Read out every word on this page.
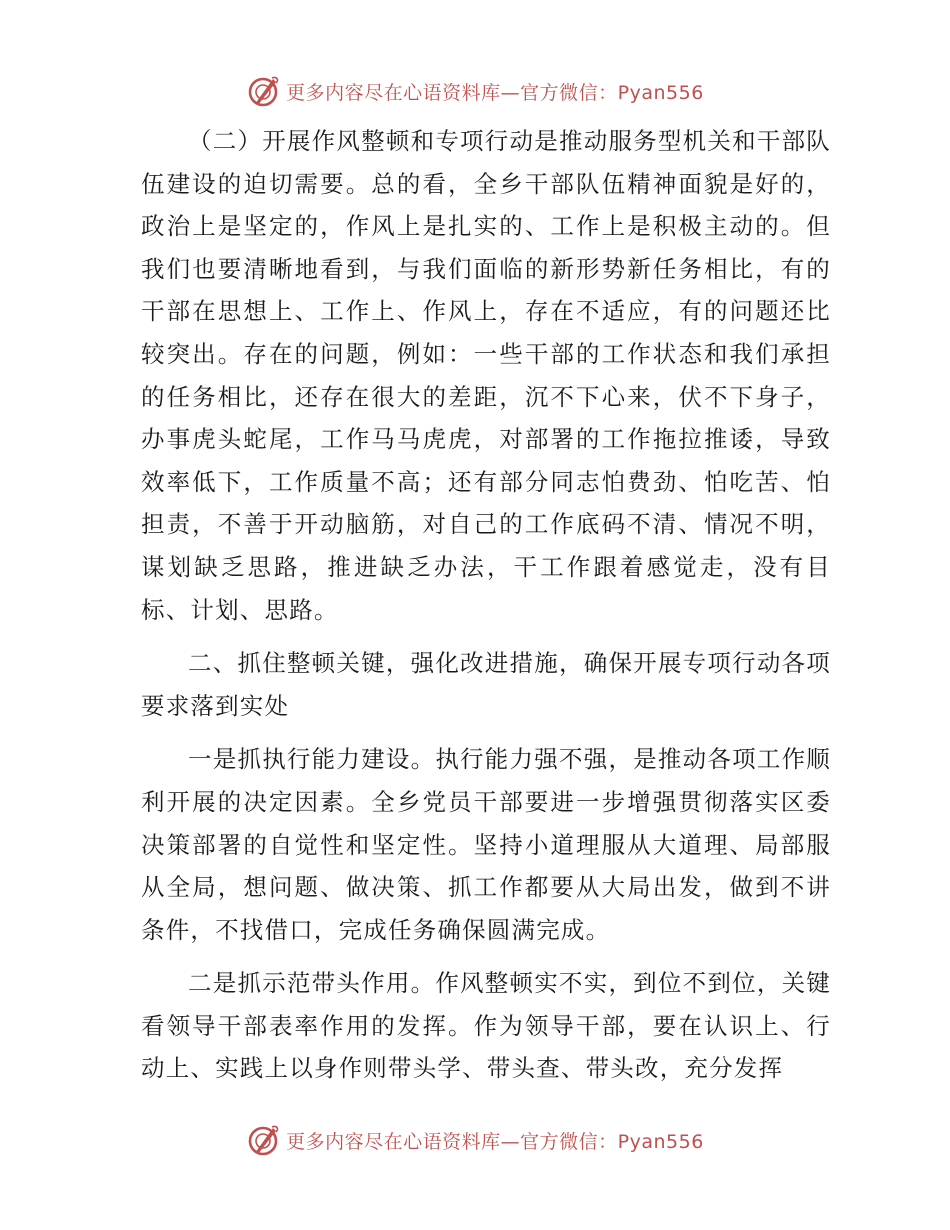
更多内容尽在心语资料库—官方微信：Pyan556

（二）开展作风整顿和专项行动是推动服务型机关和干部队伍建设的迫切需要。总的看，全乡干部队伍精神面貌是好的，政治上是坚定的，作风上是扎实的、工作上是积极主动的。但我们也要清晰地看到，与我们面临的新形势新任务相比，有的干部在思想上、工作上、作风上，存在不适应，有的问题还比较突出。存在的问题，例如：一些干部的工作状态和我们承担的任务相比，还存在很大的差距，沉不下心来，伏不下身子，办事虎头蛇尾，工作马马虎虎，对部署的工作拖拉推诿，导致效率低下，工作质量不高；还有部分同志怕费劲、怕吃苦、怕担责，不善于开动脑筋，对自己的工作底码不清、情况不明，谋划缺乏思路，推进缺乏办法，干工作跟着感觉走，没有目标、计划、思路。

二、抓住整顿关键，强化改进措施，确保开展专项行动各项要求落到实处

一是抓执行能力建设。执行能力强不强，是推动各项工作顺利开展的决定因素。全乡党员干部要进一步增强贯彻落实区委决策部署的自觉性和坚定性。坚持小道理服从大道理、局部服从全局，想问题、做决策、抓工作都要从大局出发，做到不讲条件，不找借口，完成任务确保圆满完成。

二是抓示范带头作用。作风整顿实不实，到位不到位，关键看领导干部表率作用的发挥。作为领导干部，要在认识上、行动上、实践上以身作则带头学、带头查、带头改，充分发挥

更多内容尽在心语资料库—官方微信：Pyan556
